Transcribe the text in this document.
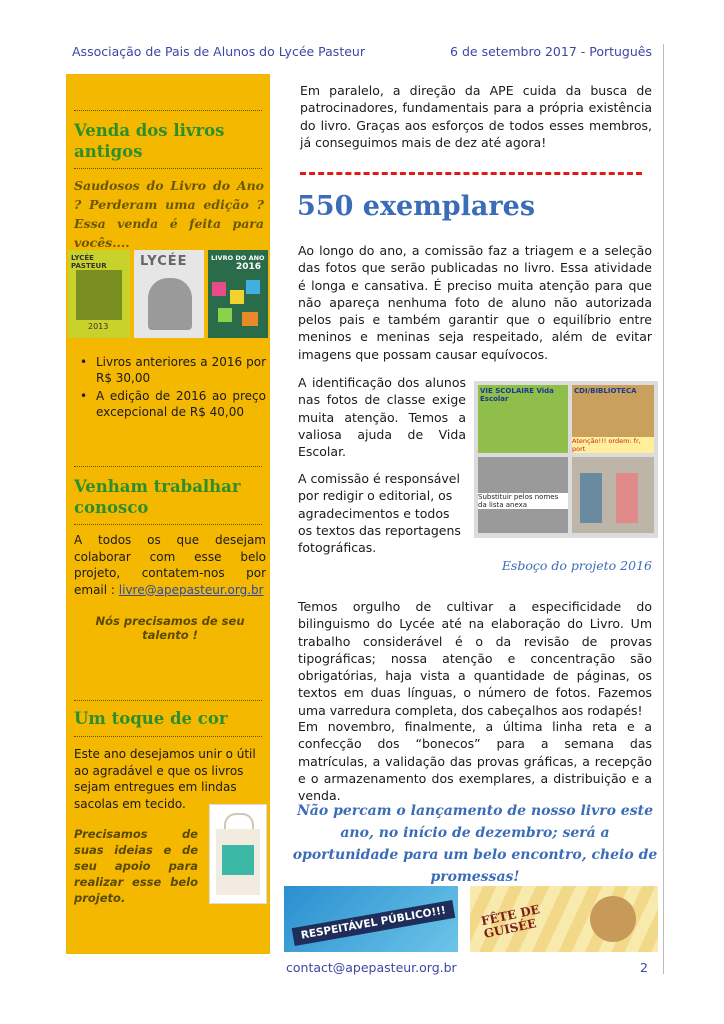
Associação de Pais de Alunos do Lycée Pasteur	6 de setembro 2017 - Português
Venda dos livros antigos
Saudosos do Livro do Ano ? Perderam uma edição ? Essa venda é feita para vocês....
LYCÉE PASTEUR
2013
LYCÉE	LIVRO DO ANO
2016
• Livros anteriores a 2016 por R$ 30,00
• A edição de 2016 ao preço excepcional de R$ 40,00
Venham trabalhar conosco
A todos os que desejam colaborar com esse belo projeto, contatem-nos por email : livre@apepasteur.org.br
Nós precisamos de seu talento !
Um toque de cor
Este ano desejamos unir o útil ao agradável e que os livros sejam entregues em lindas sacolas em tecido.
Precisamos de suas ideias e de seu apoio para realizar esse belo projeto.
Em paralelo, a direção da APE cuida da busca de patrocinadores, fundamentais para a própria existência do livro. Graças aos esforços de todos esses membros, já conseguimos mais de dez até agora!
550 exemplares
Ao longo do ano, a comissão faz a triagem e a seleção das fotos que serão publicadas no livro. Essa atividade é longa e cansativa. É preciso muita atenção para que não apareça nenhuma foto de aluno não autorizada pelos pais e também garantir que o equilíbrio entre meninos e meninas seja respeitado, além de evitar imagens que possam causar equívocos.
A identificação dos alunos nas fotos de classe exige muita atenção. Temos a valiosa ajuda de Vida Escolar.
A comissão é responsável por redigir o editorial, os agradecimentos e todos os textos das reportagens fotográficas.
VIE SCOLAIRE Vida Escolar
CDI/BIBLIOTECA
Atenção!!! ordem: fr, port
Substituir pelos nomes da lista anexa
Esboço do projeto 2016
Temos orgulho de cultivar a especificidade do bilinguismo do Lycée até na elaboração do Livro. Um trabalho considerável é o da revisão de provas tipográficas; nossa atenção e concentração são obrigatórias, haja vista a quantidade de páginas, os textos em duas línguas, o número de fotos. Fazemos uma varredura completa, dos cabeçalhos aos rodapés!
Em novembro, finalmente, a última linha reta e a confecção dos “bonecos” para a semana das matrículas, a validação das provas gráficas, a recepção e o armazenamento dos exemplares, a distribuição e a venda.
Não percam o lançamento de nosso livro este ano, no início de dezembro; será a oportunidade para um belo encontro, cheio de promessas!
RESPEITÁVEL PÚBLICO!!!	FÊTE DE GUISÉE
contact@apepasteur.org.br	2
